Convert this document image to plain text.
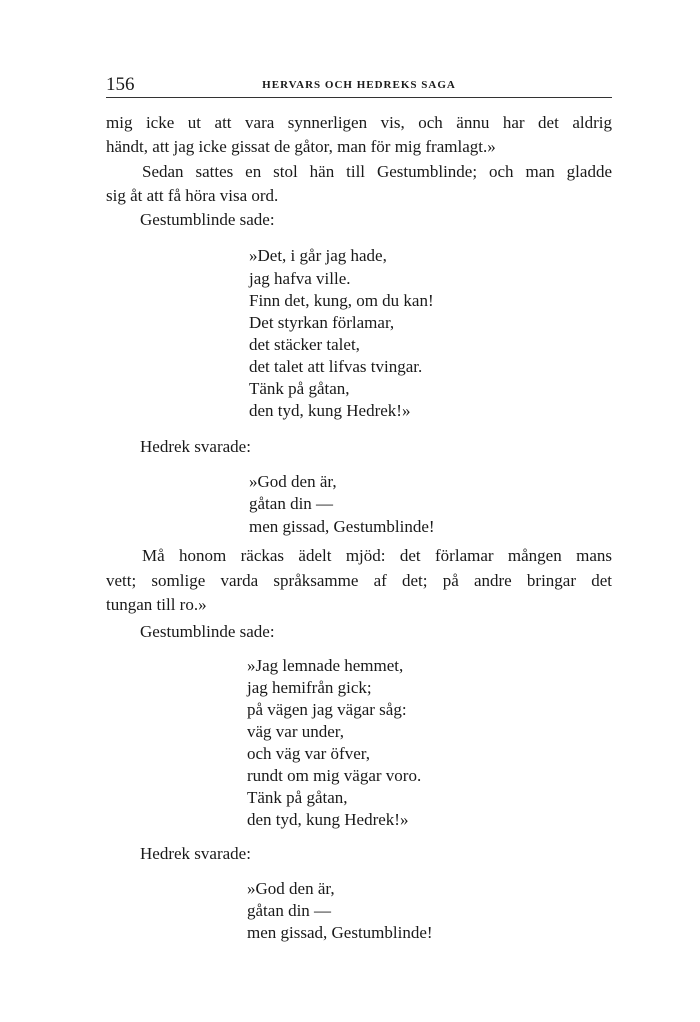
156	HERVARS OCH HEDREKS SAGA
mig icke ut att vara synnerligen vis, och ännu har det aldrig
händt, att jag icke gissat de gåtor, man för mig framlagt.»
Sedan sattes en stol hän till Gestumblinde; och man gladde
sig åt att få höra visa ord.
Gestumblinde sade:
»Det, i går jag hade,
jag hafva ville.
Finn det, kung, om du kan!
Det styrkan förlamar,
det stäcker talet,
det talet att lifvas tvingar.
Tänk på gåtan,
den tyd, kung Hedrek!»
Hedrek svarade:
»God den är,
gåtan din —
men gissad, Gestumblinde!
Må honom räckas ädelt mjöd: det förlamar mången mans
vett; somlige varda språksamme af det; på andre bringar det
tungan till ro.»
Gestumblinde sade:
»Jag lemnade hemmet,
jag hemifrån gick;
på vägen jag vägar såg:
väg var under,
och väg var öfver,
rundt om mig vägar voro.
Tänk på gåtan,
den tyd, kung Hedrek!»
Hedrek svarade:
»God den är,
gåtan din —
men gissad, Gestumblinde!
